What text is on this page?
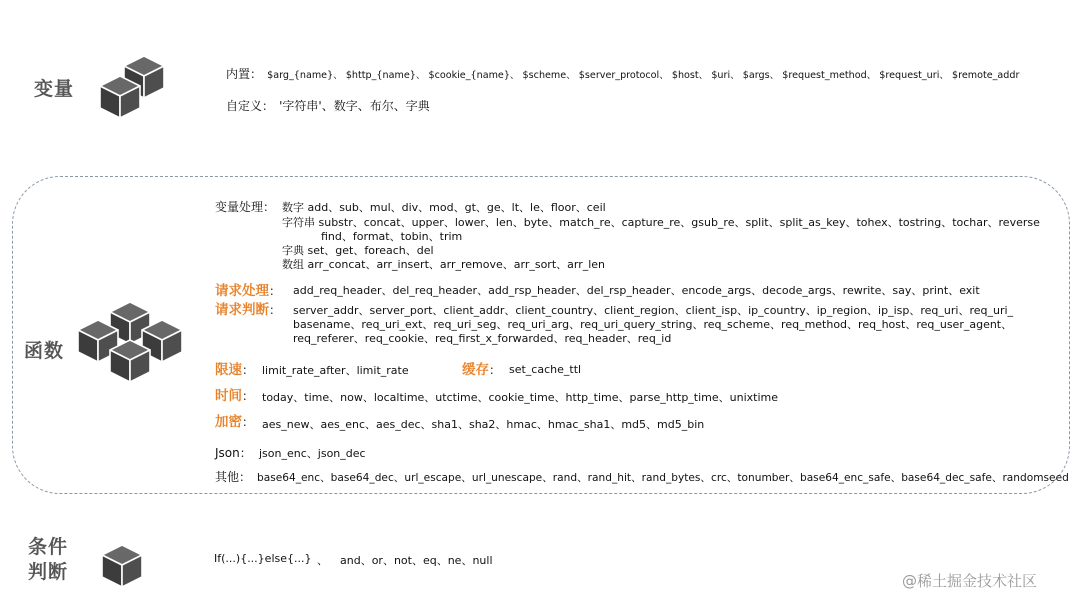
变量
内置： $arg_{name}、 $http_{name}、 $cookie_{name}、 $scheme、 $server_protocol、 $host、 $uri、 $args、 $request_method、 $request_uri、 $remote_addr
自定义： '字符串'、数字、布尔、字典
函数
变量处理： 数字 add、sub、mul、div、mod、gt、ge、lt、le、floor、ceil
字符串 substr、concat、upper、lower、len、byte、match_re、capture_re、gsub_re、split、split_as_key、tohex、tostring、tochar、reverse
find、format、tobin、trim
字典 set、get、foreach、del
数组 arr_concat、arr_insert、arr_remove、arr_sort、arr_len
请求处理： add_req_header、del_req_header、add_rsp_header、del_rsp_header、encode_args、decode_args、rewrite、say、print、exit
请求判断： server_addr、server_port、client_addr、client_country、client_region、client_isp、ip_country、ip_region、ip_isp、req_uri、req_uri_
basename、req_uri_ext、req_uri_seg、req_uri_arg、req_uri_query_string、req_scheme、req_method、req_host、req_user_agent、
req_referer、req_cookie、req_first_x_forwarded、req_header、req_id
限速： limit_rate_after、limit_rate	缓存： set_cache_ttl
时间： today、time、now、localtime、utctime、cookie_time、http_time、parse_http_time、unixtime
加密： aes_new、aes_enc、aes_dec、sha1、sha2、hmac、hmac_sha1、md5、md5_bin
Json： json_enc、json_dec
其他： base64_enc、base64_dec、url_escape、url_unescape、rand、rand_hit、rand_bytes、crc、tonumber、base64_enc_safe、base64_dec_safe、randomseed
条件
判断
If(...){...}else{...} 、 and、or、not、eq、ne、null
@稀土掘金技术社区
